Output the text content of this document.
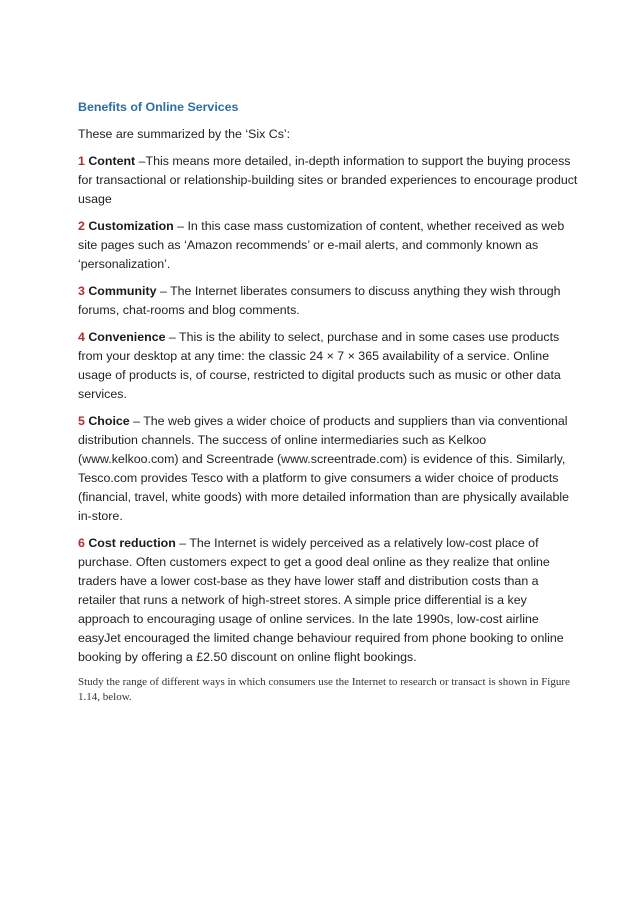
Benefits of Online Services

These are summarized by the ‘Six Cs’:

1 Content –This means more detailed, in-depth information to support the buying process for transactional or relationship-building sites or branded experiences to encourage product usage

2 Customization – In this case mass customization of content, whether received as web site pages such as ‘Amazon recommends’ or e-mail alerts, and commonly known as ‘personalization’.

3 Community – The Internet liberates consumers to discuss anything they wish through forums, chat-rooms and blog comments.

4 Convenience – This is the ability to select, purchase and in some cases use products from your desktop at any time: the classic 24 × 7 × 365 availability of a service. Online usage of products is, of course, restricted to digital products such as music or other data services.

5 Choice – The web gives a wider choice of products and suppliers than via conventional distribution channels. The success of online intermediaries such as Kelkoo (www.kelkoo.com) and Screentrade (www.screentrade.com) is evidence of this. Similarly, Tesco.com provides Tesco with a platform to give consumers a wider choice of products (financial, travel, white goods) with more detailed information than are physically available in-store.

6 Cost reduction – The Internet is widely perceived as a relatively low-cost place of purchase. Often customers expect to get a good deal online as they realize that online traders have a lower cost-base as they have lower staff and distribution costs than a retailer that runs a network of high-street stores. A simple price differential is a key approach to encouraging usage of online services. In the late 1990s, low-cost airline easyJet encouraged the limited change behaviour required from phone booking to online booking by offering a £2.50 discount on online flight bookings.

Study the range of different ways in which consumers use the Internet to research or transact is shown in Figure 1.14, below.
